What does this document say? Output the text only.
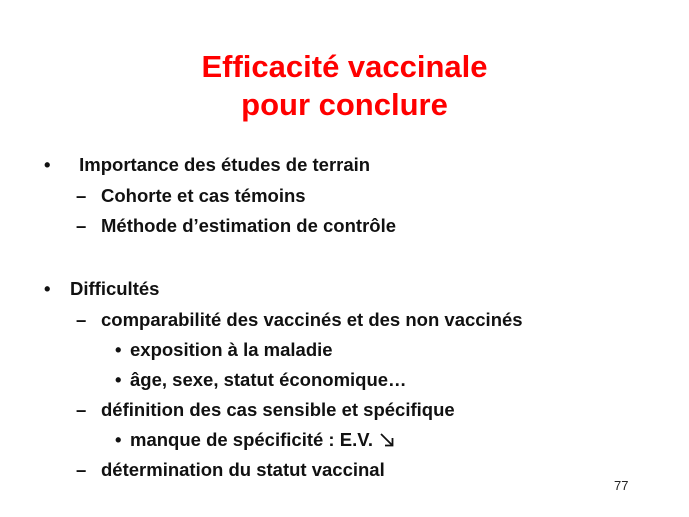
Efficacité vaccinale
pour conclure
• Importance des études de terrain
– Cohorte et cas témoins
– Méthode d’estimation de contrôle
• Difficultés
– comparabilité des vaccinés et des non vaccinés
• exposition à la maladie
• âge, sexe, statut économique…
– définition des cas sensible et spécifique
• manque de spécificité : E.V.
– détermination du statut vaccinal
77
